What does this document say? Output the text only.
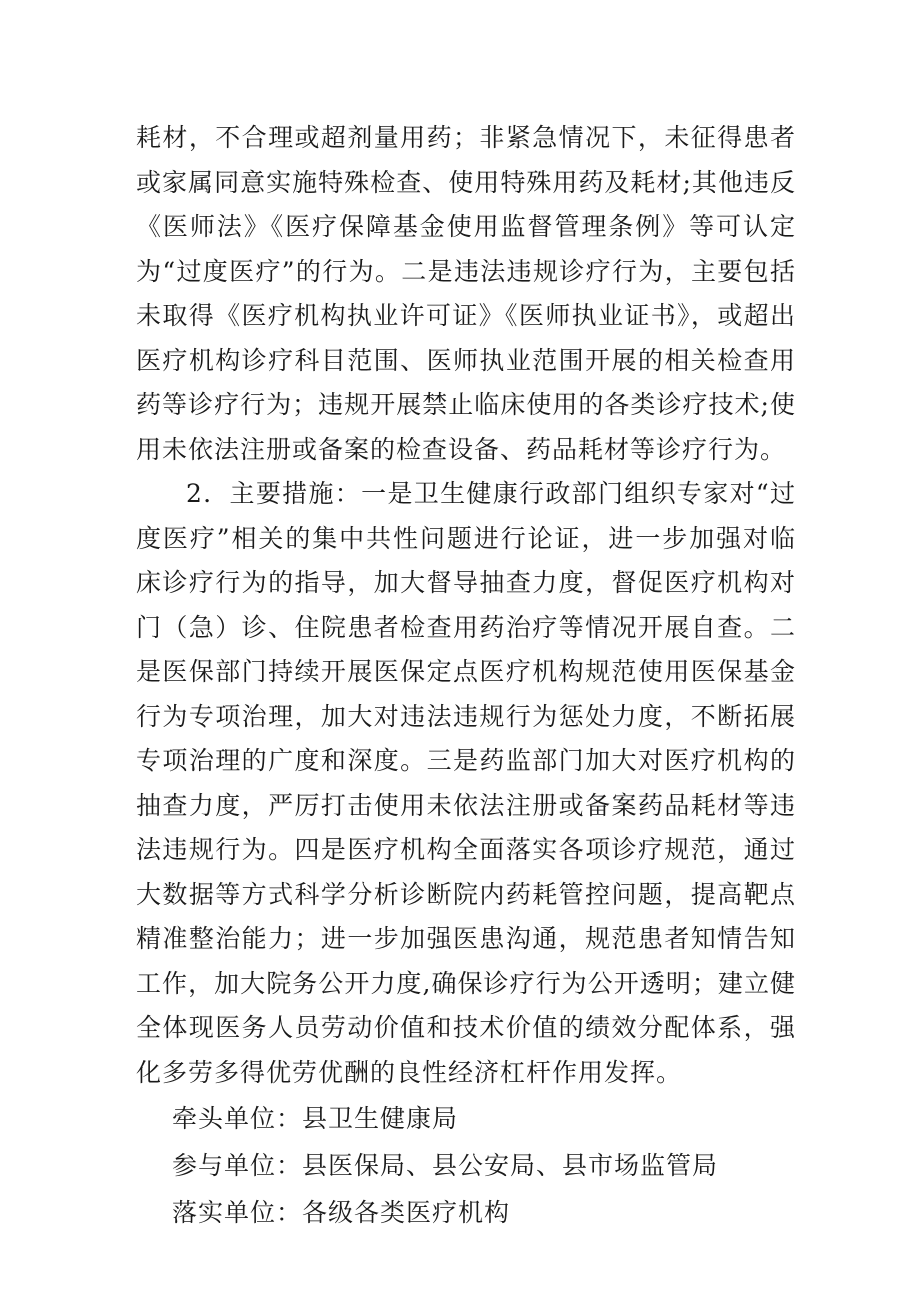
耗材，不合理或超剂量用药；非紧急情况下，未征得患者或家属同意实施特殊检查、使用特殊用药及耗材;其他违反《医师法》《医疗保障基金使用监督管理条例》等可认定为“过度医疗”的行为。二是违法违规诊疗行为，主要包括未取得《医疗机构执业许可证》《医师执业证书》，或超出医疗机构诊疗科目范围、医师执业范围开展的相关检查用药等诊疗行为；违规开展禁止临床使用的各类诊疗技术;使用未依法注册或备案的检查设备、药品耗材等诊疗行为。

2．主要措施：一是卫生健康行政部门组织专家对“过度医疗”相关的集中共性问题进行论证，进一步加强对临床诊疗行为的指导，加大督导抽查力度，督促医疗机构对门（急）诊、住院患者检查用药治疗等情况开展自查。二是医保部门持续开展医保定点医疗机构规范使用医保基金行为专项治理，加大对违法违规行为惩处力度，不断拓展专项治理的广度和深度。三是药监部门加大对医疗机构的抽查力度，严厉打击使用未依法注册或备案药品耗材等违法违规行为。四是医疗机构全面落实各项诊疗规范，通过大数据等方式科学分析诊断院内药耗管控问题，提高靶点精准整治能力；进一步加强医患沟通，规范患者知情告知工作，加大院务公开力度,确保诊疗行为公开透明；建立健全体现医务人员劳动价值和技术价值的绩效分配体系，强化多劳多得优劳优酬的良性经济杠杆作用发挥。

牵头单位：县卫生健康局

参与单位：县医保局、县公安局、县市场监管局

落实单位：各级各类医疗机构
